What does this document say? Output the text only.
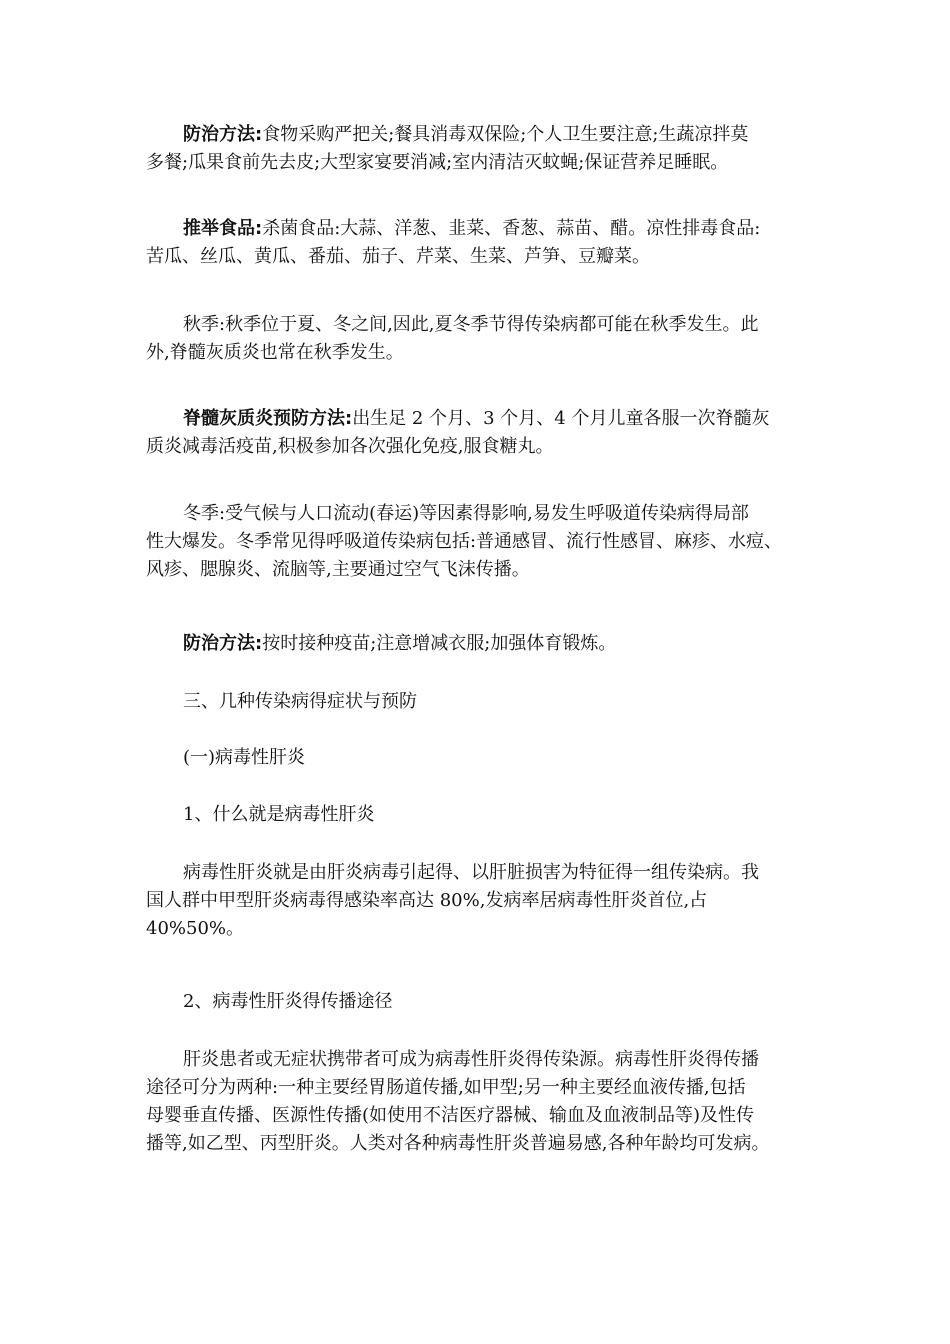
防治方法:食物采购严把关;餐具消毒双保险;个人卫生要注意;生蔬凉拌莫
多餐;瓜果食前先去皮;大型家宴要消减;室内清洁灭蚊蝇;保证营养足睡眠。
推举食品:杀菌食品:大蒜、洋葱、韭菜、香葱、蒜苗、醋。凉性排毒食品:
苦瓜、丝瓜、黄瓜、番茄、茄子、芹菜、生菜、芦笋、豆瓣菜。
秋季:秋季位于夏、冬之间,因此,夏冬季节得传染病都可能在秋季发生。此
外,脊髓灰质炎也常在秋季发生。
脊髓灰质炎预防方法:出生足 2 个月、3 个月、4 个月儿童各服一次脊髓灰
质炎减毒活疫苗,积极参加各次强化免疫,服食糖丸。
冬季:受气候与人口流动(春运)等因素得影响,易发生呼吸道传染病得局部
性大爆发。冬季常见得呼吸道传染病包括:普通感冒、流行性感冒、麻疹、水痘、
风疹、腮腺炎、流脑等,主要通过空气飞沫传播。
防治方法:按时接种疫苗;注意增减衣服;加强体育锻炼。
三、几种传染病得症状与预防
(一)病毒性肝炎
1、什么就是病毒性肝炎
病毒性肝炎就是由肝炎病毒引起得、以肝脏损害为特征得一组传染病。我
国人群中甲型肝炎病毒得感染率高达 80%,发病率居病毒性肝炎首位,占
40%50%。
2、病毒性肝炎得传播途径
肝炎患者或无症状携带者可成为病毒性肝炎得传染源。病毒性肝炎得传播
途径可分为两种:一种主要经胃肠道传播,如甲型;另一种主要经血液传播,包括
母婴垂直传播、医源性传播(如使用不洁医疗器械、输血及血液制品等)及性传
播等,如乙型、丙型肝炎。人类对各种病毒性肝炎普遍易感,各种年龄均可发病。
